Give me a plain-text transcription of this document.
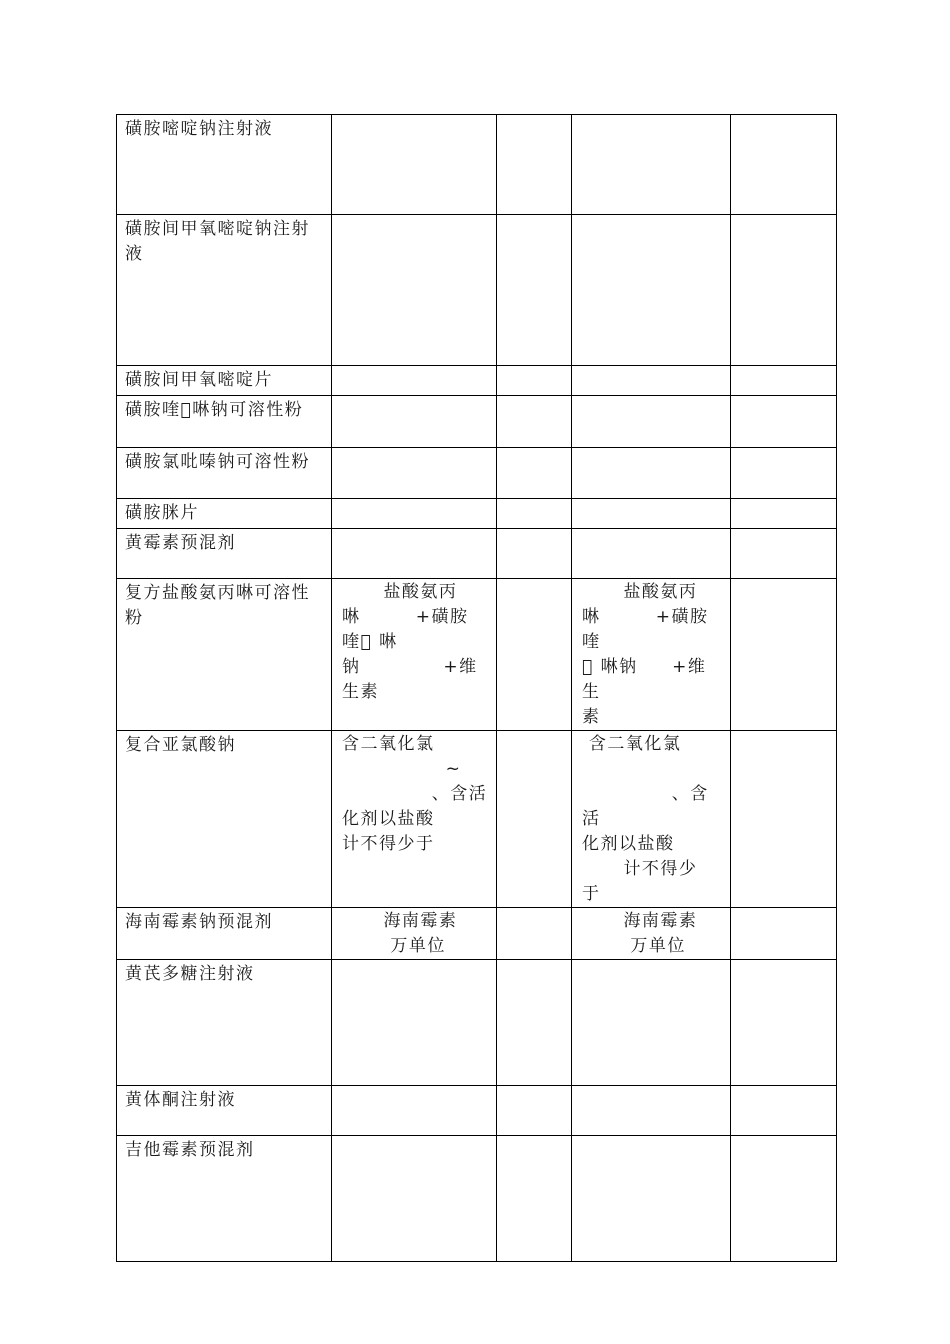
磺胺嘧啶钠注射液				

磺胺间甲氧嘧啶钠注射液				

磺胺间甲氧嘧啶片				

磺胺喹 啉钠可溶性粉				

磺胺氯吡嗪钠可溶性粉				

磺胺脒片				

黄霉素预混剂				

复方盐酸氨丙啉可溶性粉	盐酸氨丙
啉        +磺胺
喹  啉
钠            +维
生素		盐酸氨丙
啉        +磺胺喹
  啉钠     +维生
素	

复合亚氯酸钠	含二氧化氯
~
、含活
化剂以盐酸
计不得少于		含二氧化氯

、含活
化剂以盐酸
计不得少
于	

海南霉素钠预混剂	海南霉素
万单位		海南霉素
万单位	

黄芪多糖注射液				

黄体酮注射液				

吉他霉素预混剂				
